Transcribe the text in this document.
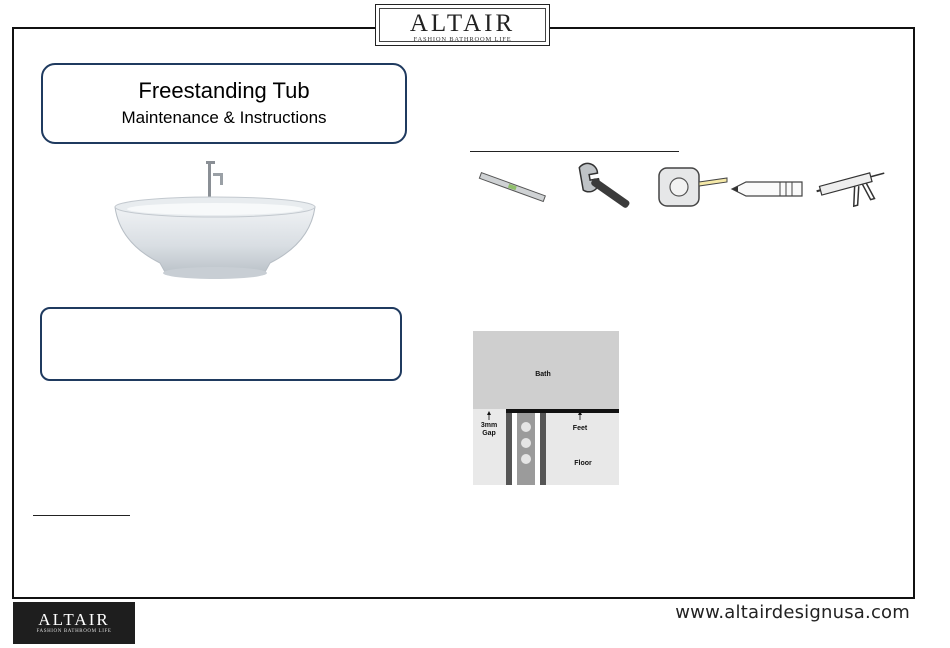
ALTAIR
FASHION BATHROOM LIFE
Freestanding Tub
Maintenance & Instructions
Bath
3mm
Gap
Feet
Floor
ALTAIR
FASHION BATHROOM LIFE
www.altairdesignusa.com
